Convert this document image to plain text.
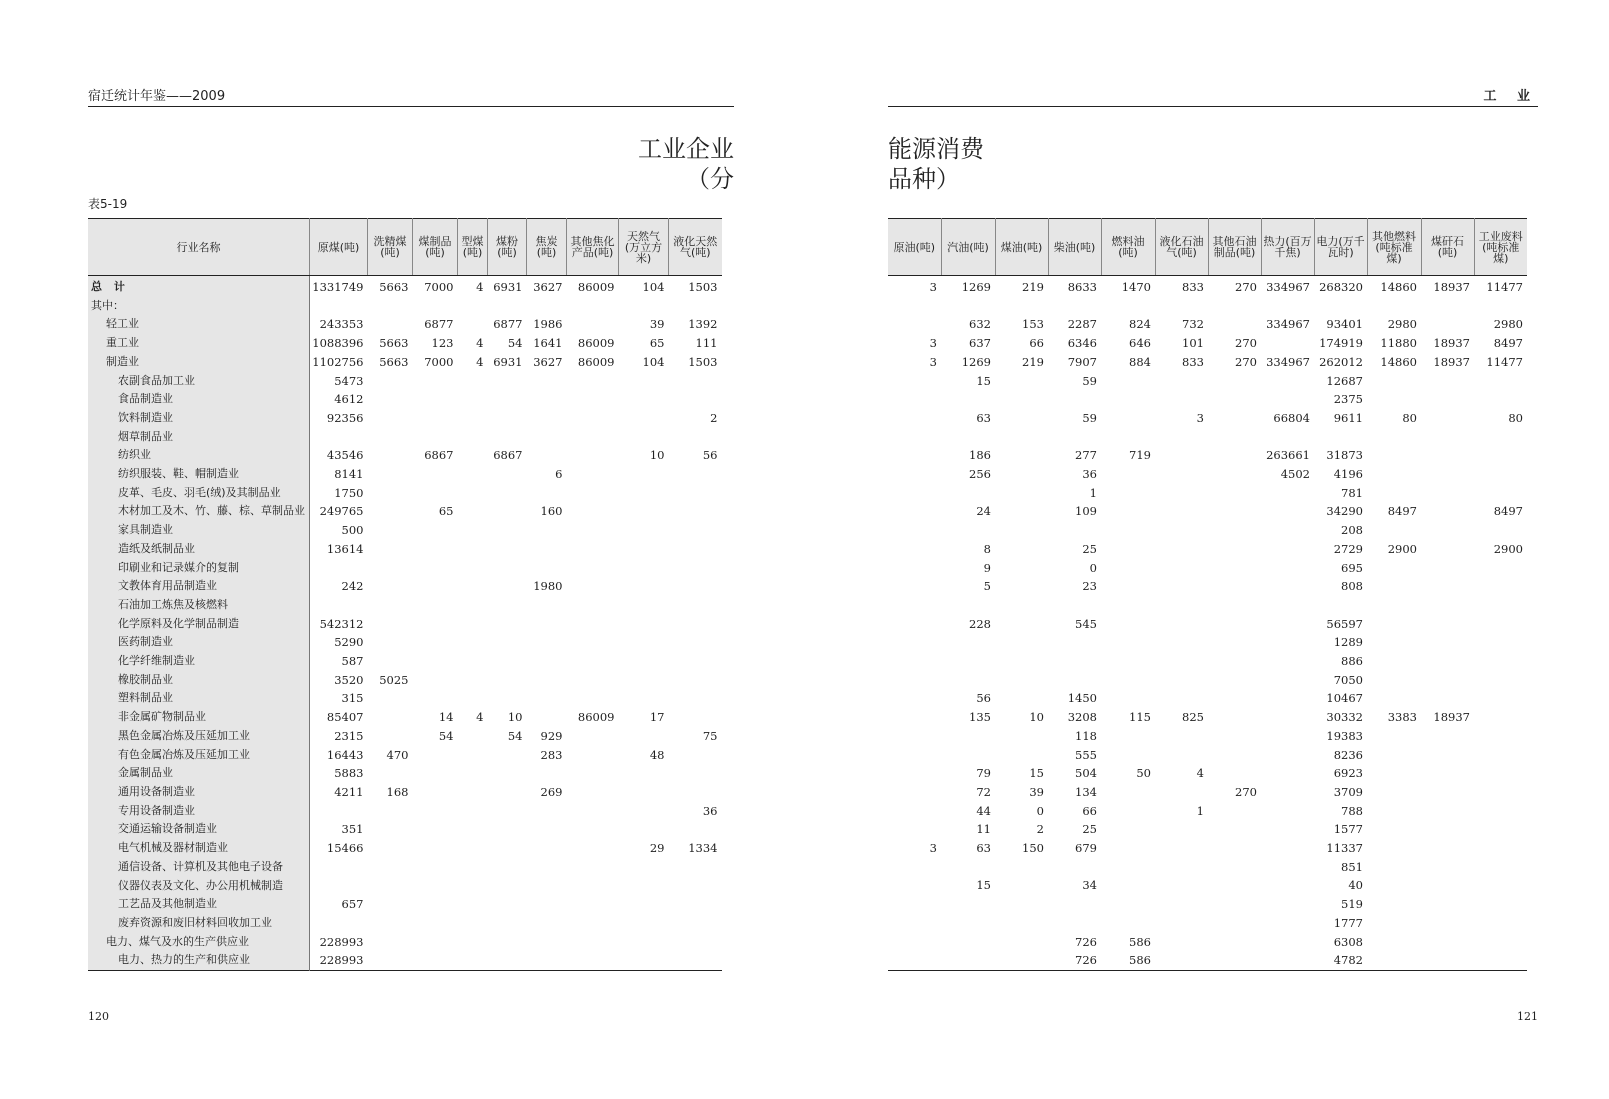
宿迁统计年鉴——2009
工业企业
（分
表5-19
行业名称	原煤(吨)	洗精煤(吨)	煤制品(吨)	型煤(吨)	煤粉(吨)	焦炭(吨)	其他焦化产品(吨)	天然气(万立方米)	液化天然气(吨)
总 计	1331749	5663	7000	4	6931	3627	86009	104	1503
其中：									
轻工业	243353		6877		6877	1986		39	1392
重工业	1088396	5663	123	4	54	1641	86009	65	111
制造业	1102756	5663	7000	4	6931	3627	86009	104	1503
农副食品加工业	5473								
食品制造业	4612								
饮料制造业	92356								2
烟草制品业									
纺织业	43546		6867		6867			10	56
纺织服装、鞋、帽制造业	8141					6			
皮革、毛皮、羽毛(绒)及其制品业	1750								
木材加工及木、竹、藤、棕、草制品业	249765		65			160			
家具制造业	500								
造纸及纸制品业	13614								
印刷业和记录媒介的复制									
文教体育用品制造业	242					1980			
石油加工炼焦及核燃料									
化学原料及化学制品制造	542312								
医药制造业	5290								
化学纤维制造业	587								
橡胶制品业	3520	5025							
塑料制品业	315								
非金属矿物制品业	85407		14	4	10		86009	17	
黑色金属冶炼及压延加工业	2315		54		54	929			75
有色金属冶炼及压延加工业	16443	470				283		48	
金属制品业	5883								
通用设备制造业	4211	168				269			
专用设备制造业									36
交通运输设备制造业	351								
电气机械及器材制造业	15466							29	1334
通信设备、计算机及其他电子设备									
仪器仪表及文化、办公用机械制造									
工艺品及其他制造业	657								
废弃资源和废旧材料回收加工业									
电力、煤气及水的生产供应业	228993								
电力、热力的生产和供应业	228993								
120
工 业
能源消费
品种）
原油(吨)	汽油(吨)	煤油(吨)	柴油(吨)	燃料油(吨)	液化石油气(吨)	其他石油制品(吨)	热力(百万千焦)	电力(万千瓦时)	其他燃料(吨标准煤)	煤矸石(吨)	工业废料(吨标准煤)
3	1269	219	8633	1470	833	270	334967	268320	14860	18937	11477

	632	153	2287	824	732		334967	93401	2980		2980
3	637	66	6346	646	101	270		174919	11880	18937	8497
3	1269	219	7907	884	833	270	334967	262012	14860	18937	11477
	15		59					12687			
								2375			
	63		59		3		66804	9611	80		80

	186		277	719			263661	31873			
	256		36				4502	4196			
			1					781			
	24		109					34290	8497		8497
								208			
	8		25					2729	2900		2900
	9		0					695			
	5		23					808			

	228		545					56597			
								1289			
								886			
								7050			
	56		1450					10467			
	135	10	3208	115	825			30332	3383	18937	
			118					19383			
			555					8236			
	79	15	504	50	4			6923			
	72	39	134			270		3709			
	44	0	66		1			788			
	11	2	25					1577			
3	63	150	679					11337			
								851			
	15		34					40			
								519			
								1777			
			726	586				6308			
			726	586				4782			
121
